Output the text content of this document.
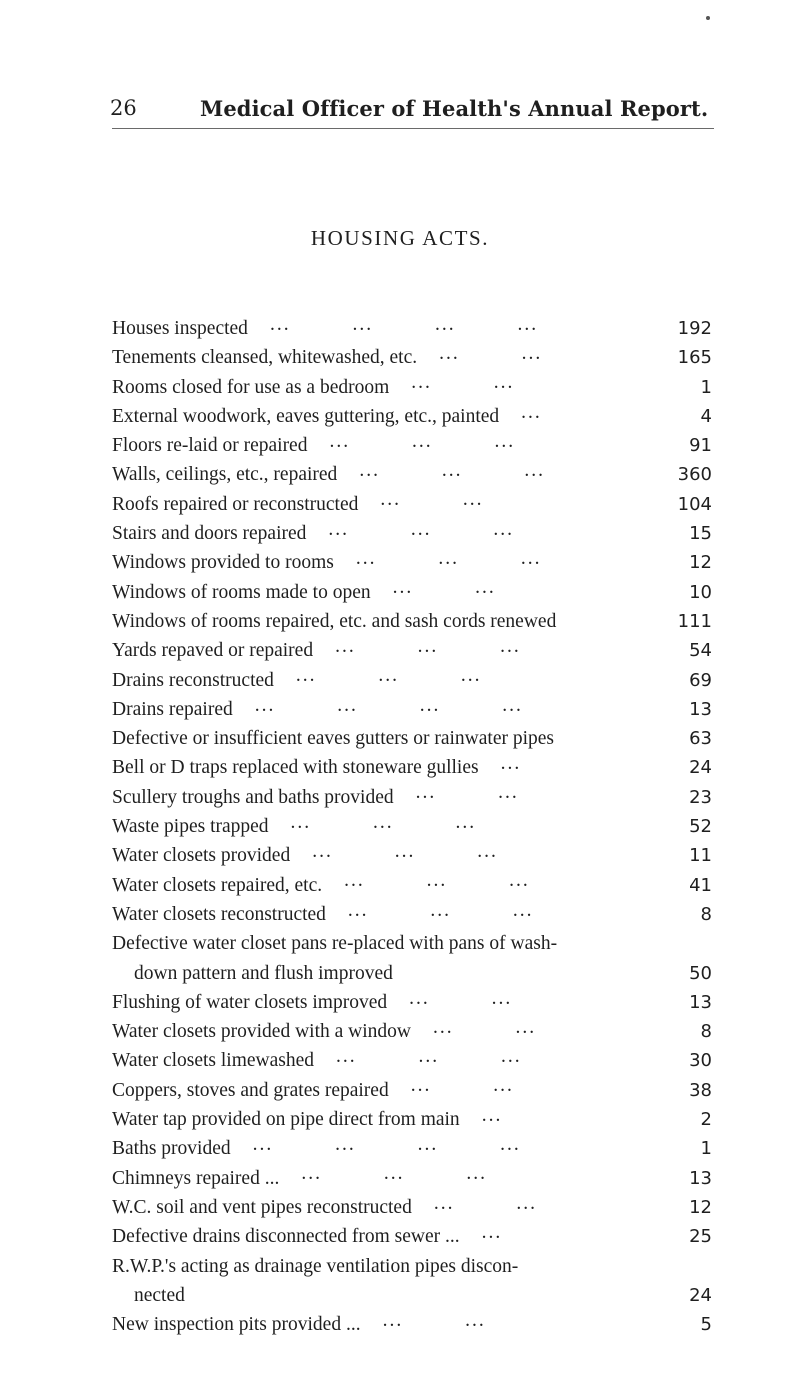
26	Medical Officer of Health's Annual Report.
HOUSING ACTS.
Houses inspected	192
...         ...         ...         ...
Tenements cleansed, whitewashed, etc.	165
...         ...
Rooms closed for use as a bedroom	1
...         ...
External woodwork, eaves guttering, etc., painted	4
...
Floors re-laid or repaired	91
...         ...         ...
Walls, ceilings, etc., repaired	360
...         ...         ...
Roofs repaired or reconstructed	104
...         ...
Stairs and doors repaired	15
...         ...         ...
Windows provided to rooms	12
...         ...         ...
Windows of rooms made to open	10
...         ...
Windows of rooms repaired, etc. and sash cords renewed	111
Yards repaved or repaired	54
...         ...         ...
Drains reconstructed	69
...         ...         ...
Drains repaired	13
...         ...         ...         ...
Defective or insufficient eaves gutters or rainwater pipes	63
Bell or D traps replaced with stoneware gullies	24
...
Scullery troughs and baths provided	23
...         ...
Waste pipes trapped	52
...         ...         ...
Water closets provided	11
...         ...         ...
Water closets repaired, etc.	41
...         ...         ...
Water closets reconstructed	8
...         ...         ...
Defective water closet pans re-placed with pans of wash-
down pattern and flush improved	50
Flushing of water closets improved	13
...         ...
Water closets provided with a window	8
...         ...
Water closets limewashed	30
...         ...         ...
Coppers, stoves and grates repaired	38
...         ...
Water tap provided on pipe direct from main	2
...
Baths provided	1
...         ...         ...         ...
Chimneys repaired ...	13
...         ...         ...
W.C. soil and vent pipes reconstructed	12
...         ...
Defective drains disconnected from sewer ...	25
...
R.W.P.'s acting as drainage ventilation pipes discon-
nected	24
New inspection pits provided ...	5
...         ...
